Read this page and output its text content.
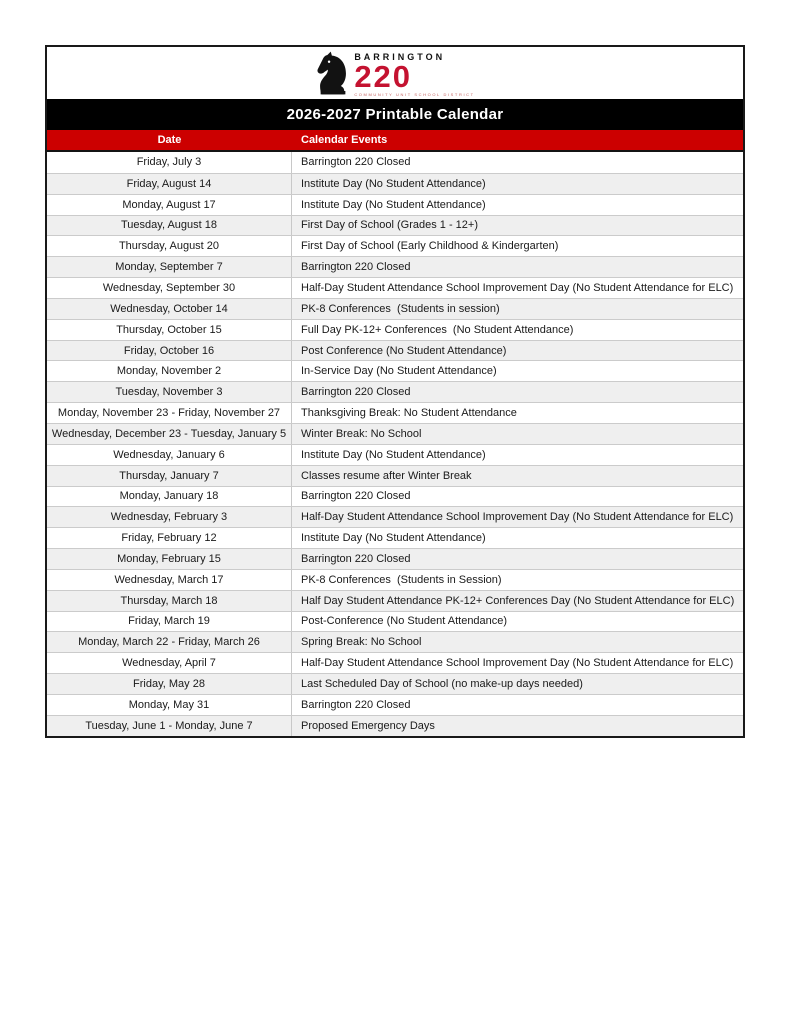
BARRINGTON
220
COMMUNITY UNIT SCHOOL DISTRICT
2026-2027 Printable Calendar
Date	Calendar Events
Friday, July 3	Barrington 220 Closed
Friday, August 14	Institute Day (No Student Attendance)
Monday, August 17	Institute Day (No Student Attendance)
Tuesday, August 18	First Day of School (Grades 1 - 12+)
Thursday, August 20	First Day of School (Early Childhood & Kindergarten)
Monday, September 7	Barrington 220 Closed
Wednesday, September 30	Half-Day Student Attendance School Improvement Day (No Student Attendance for ELC)
Wednesday, October 14	PK-8 Conferences  (Students in session)
Thursday, October 15	Full Day PK-12+ Conferences  (No Student Attendance)
Friday, October 16	Post Conference (No Student Attendance)
Monday, November 2	In-Service Day (No Student Attendance)
Tuesday, November 3	Barrington 220 Closed
Monday, November 23 - Friday, November 27	Thanksgiving Break: No Student Attendance
Wednesday, December 23 - Tuesday, January 5	Winter Break: No School
Wednesday, January 6	Institute Day (No Student Attendance)
Thursday, January 7	Classes resume after Winter Break
Monday, January 18	Barrington 220 Closed
Wednesday, February 3	Half-Day Student Attendance School Improvement Day (No Student Attendance for ELC)
Friday, February 12	Institute Day (No Student Attendance)
Monday, February 15	Barrington 220 Closed
Wednesday, March 17	PK-8 Conferences  (Students in Session)
Thursday, March 18	Half Day Student Attendance PK-12+ Conferences Day (No Student Attendance for ELC)
Friday, March 19	Post-Conference (No Student Attendance)
Monday, March 22 - Friday, March 26	Spring Break: No School
Wednesday, April 7	Half-Day Student Attendance School Improvement Day (No Student Attendance for ELC)
Friday, May 28	Last Scheduled Day of School (no make-up days needed)
Monday, May 31	Barrington 220 Closed
Tuesday, June 1 - Monday, June 7	Proposed Emergency Days
